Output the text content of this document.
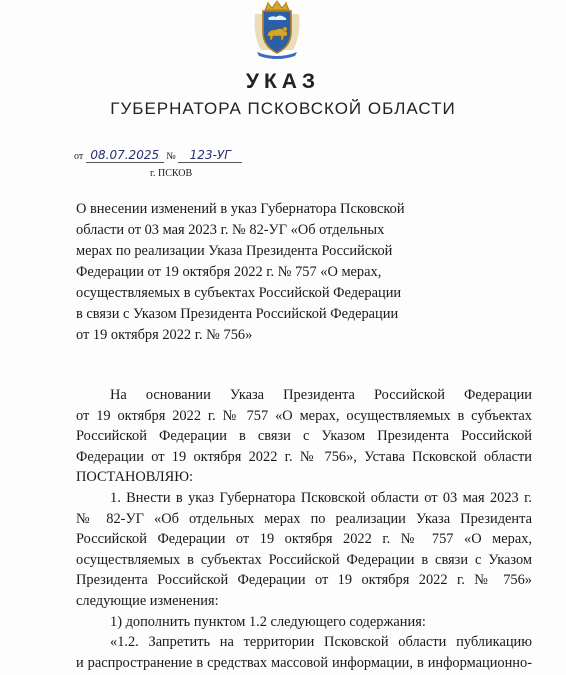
УКАЗ
ГУБЕРНАТОРА ПСКОВСКОЙ ОБЛАСТИ
от 08.07.2025 № 123-УГ
г. ПСКОВ
О внесении изменений в указ Губернатора Псковской
области от 03 мая 2023 г. № 82-УГ «Об отдельных
мерах по реализации Указа Президента Российской
Федерации от 19 октября 2022 г. № 757 «О мерах,
осуществляемых в субъектах Российской Федерации
в связи с Указом Президента Российской Федерации
от 19 октября 2022 г. № 756»
На основании Указа Президента Российской Федерации
от 19 октября 2022 г. № 757 «О мерах, осуществляемых в субъектах
Российской Федерации в связи с Указом Президента Российской
Федерации от 19 октября 2022 г. № 756», Устава Псковской области
ПОСТАНОВЛЯЮ:
1. Внести в указ Губернатора Псковской области от 03 мая 2023 г.
№ 82-УГ «Об отдельных мерах по реализации Указа Президента
Российской Федерации от 19 октября 2022 г. № 757 «О мерах,
осуществляемых в субъектах Российской Федерации в связи с Указом
Президента Российской Федерации от 19 октября 2022 г. № 756»
следующие изменения:
1) дополнить пунктом 1.2 следующего содержания:
«1.2. Запретить на территории Псковской области публикацию
и распространение в средствах массовой информации, в информационно-
